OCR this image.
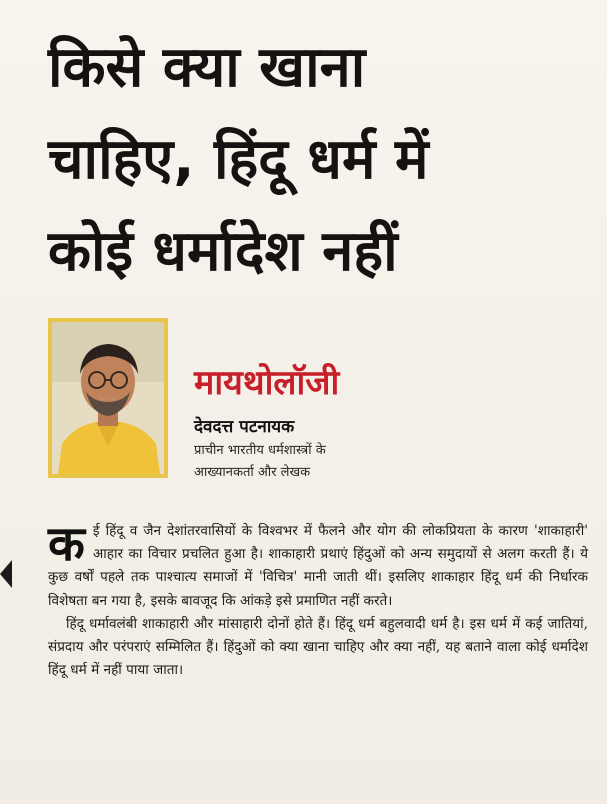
किसे क्या खाना
चाहिए, हिंदू धर्म में
कोई धर्मादेश नहीं
मायथोलॉजी
देवदत्त पटनायक
प्राचीन भारतीय धर्मशास्त्रों के
आख्यानकर्ता और लेखक

कई हिंदू व जैन देशांतरवासियों के विश्वभर में फैलने और योग की लोकप्रियता के कारण 'शाकाहारी' आहार का विचार प्रचलित हुआ है। शाकाहारी प्रथाएं हिंदुओं को अन्य समुदायों से अलग करती हैं। ये कुछ वर्षों पहले तक पाश्चात्य समाजों में 'विचित्र' मानी जाती थीं। इसलिए शाकाहार हिंदू धर्म की निर्धारक विशेषता बन गया है, इसके बावजूद कि आंकड़े इसे प्रमाणित नहीं करते।

हिंदू धर्मावलंबी शाकाहारी और मांसाहारी दोनों होते हैं। हिंदू धर्म बहुलवादी धर्म है। इस धर्म में कई जातियां, संप्रदाय और परंपराएं सम्मिलित हैं। हिंदुओं को क्या खाना चाहिए और क्या नहीं, यह बताने वाला कोई धर्मादेश हिंदू धर्म में नहीं पाया जाता।
